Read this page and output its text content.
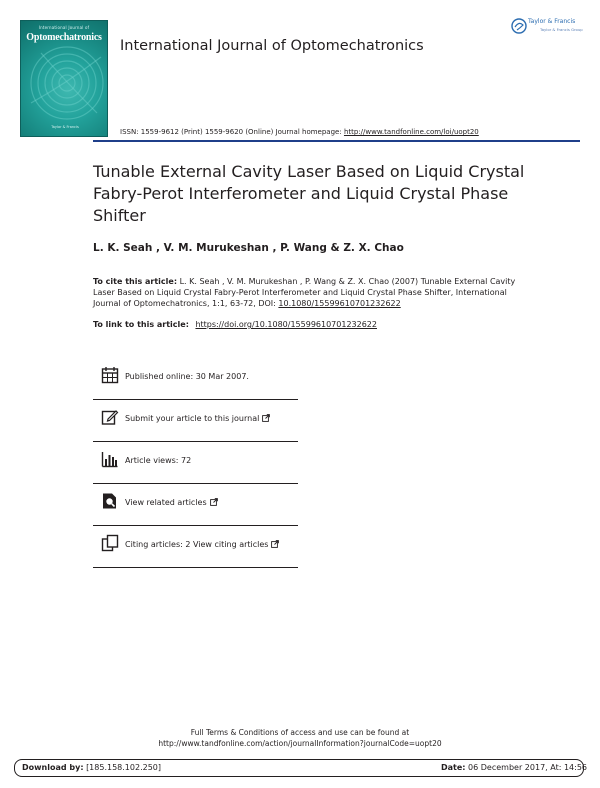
International Journal of
Optomechatronics
Taylor & Francis
International Journal of Optomechatronics
ISSN: 1559-9612 (Print) 1559-9620 (Online) Journal homepage: http://www.tandfonline.com/loi/uopt20
Taylor & Francis
Taylor & Francis Group
Tunable External Cavity Laser Based on Liquid Crystal Fabry-Perot Interferometer and Liquid Crystal Phase Shifter
L. K. Seah , V. M. Murukeshan , P. Wang & Z. X. Chao
To cite this article: L. K. Seah , V. M. Murukeshan , P. Wang & Z. X. Chao (2007) Tunable External Cavity Laser Based on Liquid Crystal Fabry-Perot Interferometer and Liquid Crystal Phase Shifter, International Journal of Optomechatronics, 1:1, 63-72, DOI: 10.1080/15599610701232622
To link to this article: https://doi.org/10.1080/15599610701232622
Published online: 30 Mar 2007.
Submit your article to this journal
Article views: 72
View related articles
Citing articles: 2 View citing articles
Full Terms & Conditions of access and use can be found at
http://www.tandfonline.com/action/journalInformation?journalCode=uopt20
Download by: [185.158.102.250]	Date: 06 December 2017, At: 14:56
